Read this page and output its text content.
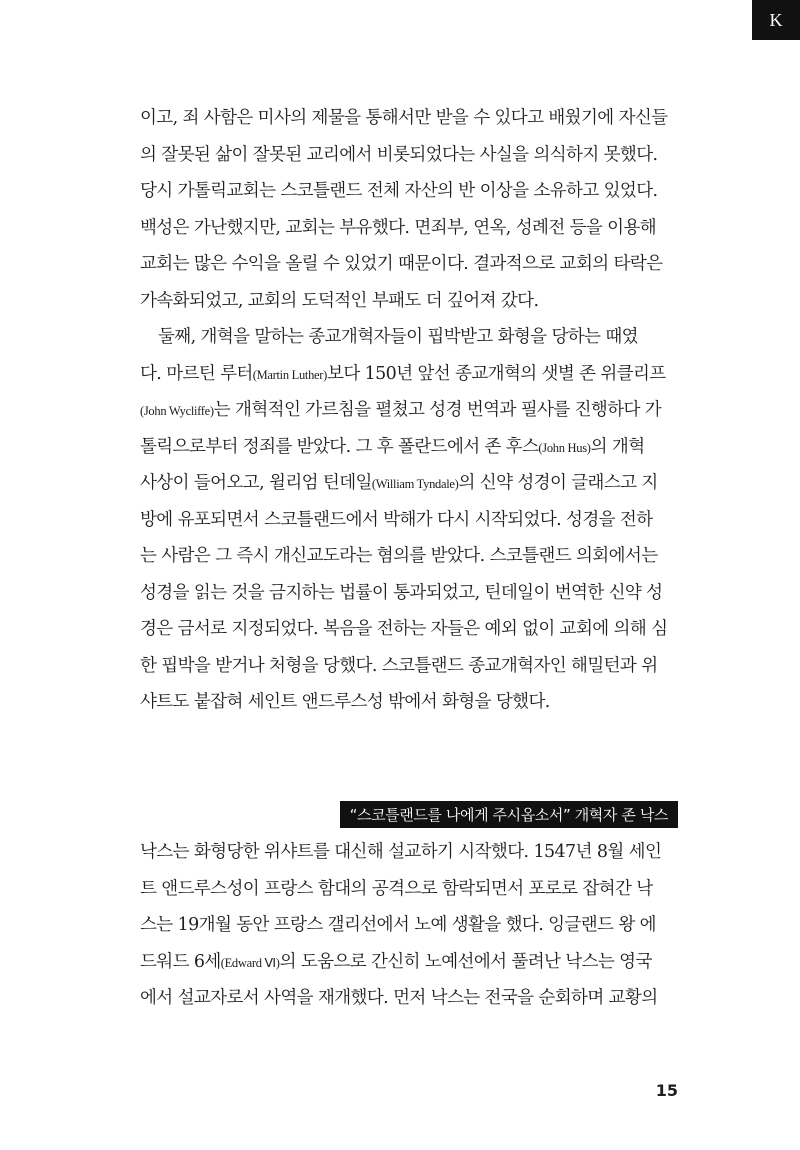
K
이고, 죄 사함은 미사의 제물을 통해서만 받을 수 있다고 배웠기에 자신들
의 잘못된 삶이 잘못된 교리에서 비롯되었다는 사실을 의식하지 못했다.
당시 가톨릭교회는 스코틀랜드 전체 자산의 반 이상을 소유하고 있었다.
백성은 가난했지만, 교회는 부유했다. 면죄부, 연옥, 성례전 등을 이용해
교회는 많은 수익을 올릴 수 있었기 때문이다. 결과적으로 교회의 타락은
가속화되었고, 교회의 도덕적인 부패도 더 깊어져 갔다.
둘째, 개혁을 말하는 종교개혁자들이 핍박받고 화형을 당하는 때였
다. 마르틴 루터(Martin Luther)보다 150년 앞선 종교개혁의 샛별 존 위클리프
(John Wycliffe)는 개혁적인 가르침을 펼쳤고 성경 번역과 필사를 진행하다 가
톨릭으로부터 정죄를 받았다. 그 후 폴란드에서 존 후스(John Hus)의 개혁
사상이 들어오고, 윌리엄 틴데일(William Tyndale)의 신약 성경이 글래스고 지
방에 유포되면서 스코틀랜드에서 박해가 다시 시작되었다. 성경을 전하
는 사람은 그 즉시 개신교도라는 혐의를 받았다. 스코틀랜드 의회에서는
성경을 읽는 것을 금지하는 법률이 통과되었고, 틴데일이 번역한 신약 성
경은 금서로 지정되었다. 복음을 전하는 자들은 예외 없이 교회에 의해 심
한 핍박을 받거나 처형을 당했다. 스코틀랜드 종교개혁자인 해밀턴과 위
샤트도 붙잡혀 세인트 앤드루스성 밖에서 화형을 당했다.
“스코틀랜드를 나에게 주시옵소서” 개혁자 존 낙스
낙스는 화형당한 위샤트를 대신해 설교하기 시작했다. 1547년 8월 세인
트 앤드루스성이 프랑스 함대의 공격으로 함락되면서 포로로 잡혀간 낙
스는 19개월 동안 프랑스 갤리선에서 노예 생활을 했다. 잉글랜드 왕 에
드워드 6세(Edward Ⅵ)의 도움으로 간신히 노예선에서 풀려난 낙스는 영국
에서 설교자로서 사역을 재개했다. 먼저 낙스는 전국을 순회하며 교황의
15
